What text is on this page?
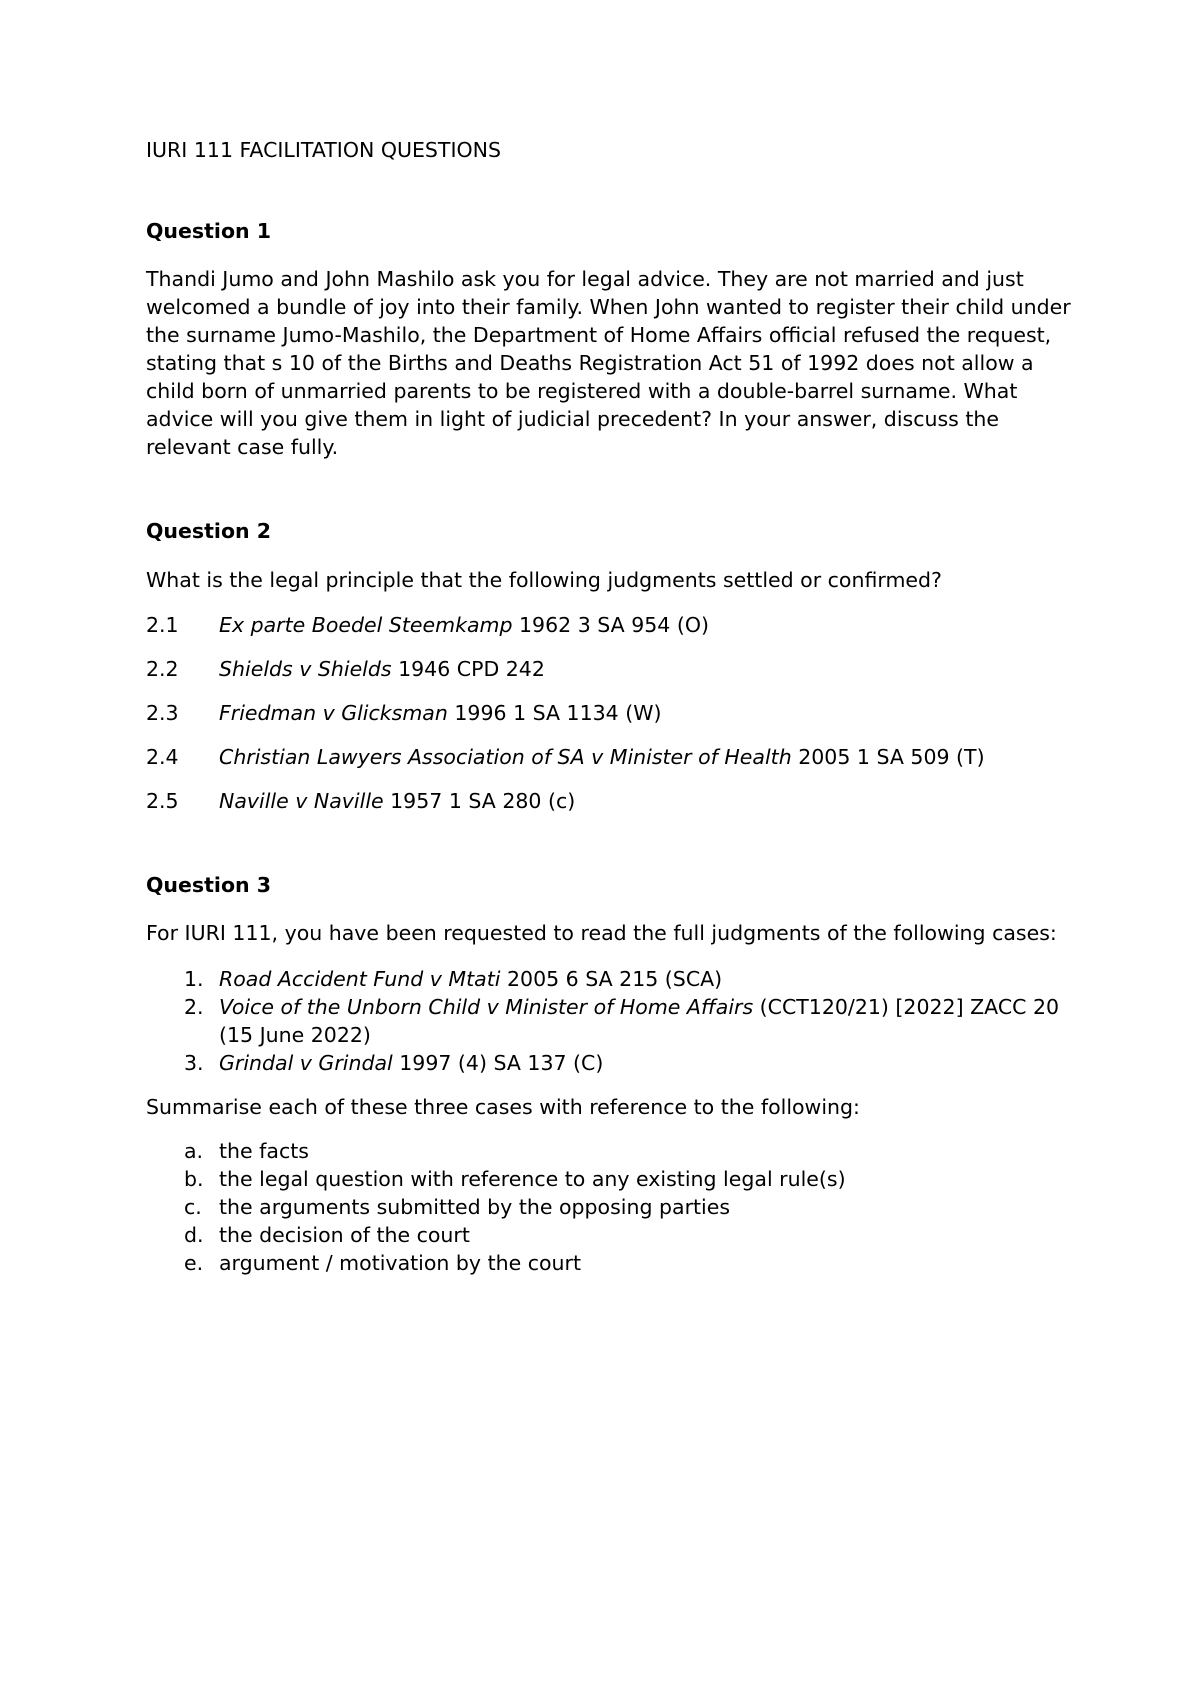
IURI 111 FACILITATION QUESTIONS
Question 1

Thandi Jumo and John Mashilo ask you for legal advice. They are not married and just welcomed a bundle of joy into their family. When John wanted to register their child under the surname Jumo-Mashilo, the Department of Home Affairs official refused the request, stating that s 10 of the Births and Deaths Registration Act 51 of 1992 does not allow a child born of unmarried parents to be registered with a double-barrel surname. What advice will you give them in light of judicial precedent? In your answer, discuss the relevant case fully.

Question 2

What is the legal principle that the following judgments settled or confirmed?

2.1	Ex parte Boedel Steemkamp 1962 3 SA 954 (O)
2.2	Shields v Shields 1946 CPD 242
2.3	Friedman v Glicksman 1996 1 SA 1134 (W)
2.4	Christian Lawyers Association of SA v Minister of Health 2005 1 SA 509 (T)
2.5	Naville v Naville 1957 1 SA 280 (c)
Question 3

For IURI 111, you have been requested to read the full judgments of the following cases:

1. Road Accident Fund v Mtati 2005 6 SA 215 (SCA)
2. Voice of the Unborn Child v Minister of Home Affairs (CCT120/21) [2022] ZACC 20 (15 June 2022)
3. Grindal v Grindal 1997 (4) SA 137 (C)

Summarise each of these three cases with reference to the following:

a. the facts
b. the legal question with reference to any existing legal rule(s)
c. the arguments submitted by the opposing parties
d. the decision of the court
e. argument / motivation by the court
